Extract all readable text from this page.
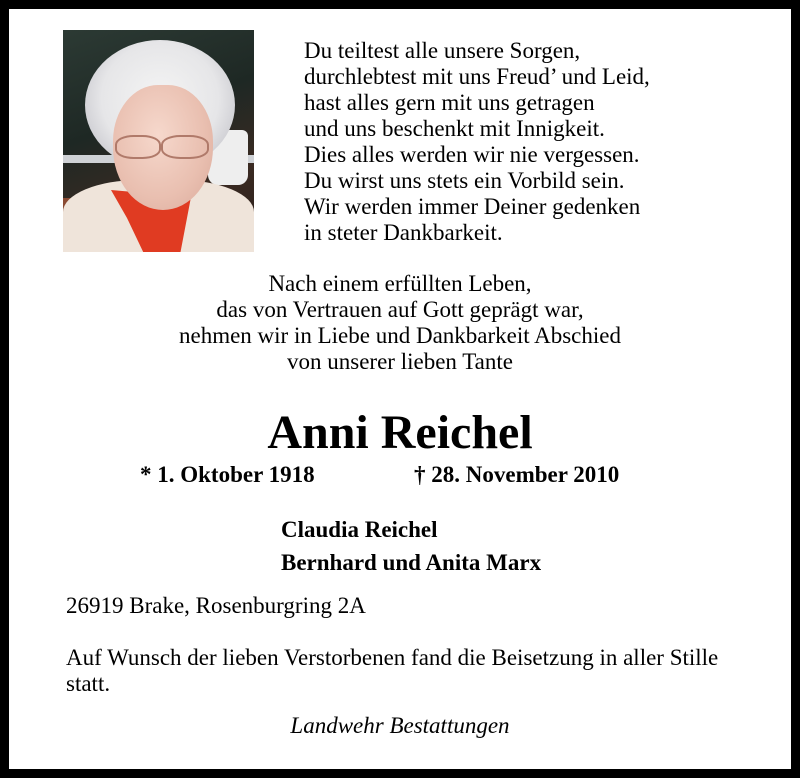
Du teiltest alle unsere Sorgen,
durchlebtest mit uns Freud’ und Leid,
hast alles gern mit uns getragen
und uns beschenkt mit Innigkeit.
Dies alles werden wir nie vergessen.
Du wirst uns stets ein Vorbild sein.
Wir werden immer Deiner gedenken
in steter Dankbarkeit.
Nach einem erfüllten Leben,
das von Vertrauen auf Gott geprägt war,
nehmen wir in Liebe und Dankbarkeit Abschied
von unserer lieben Tante
Anni Reichel
* 1. Oktober 1918	† 28. November 2010
Claudia Reichel
Bernhard und Anita Marx
26919 Brake, Rosenburgring 2A
Auf Wunsch der lieben Verstorbenen fand die Beisetzung in aller Stille statt.
Landwehr Bestattungen
